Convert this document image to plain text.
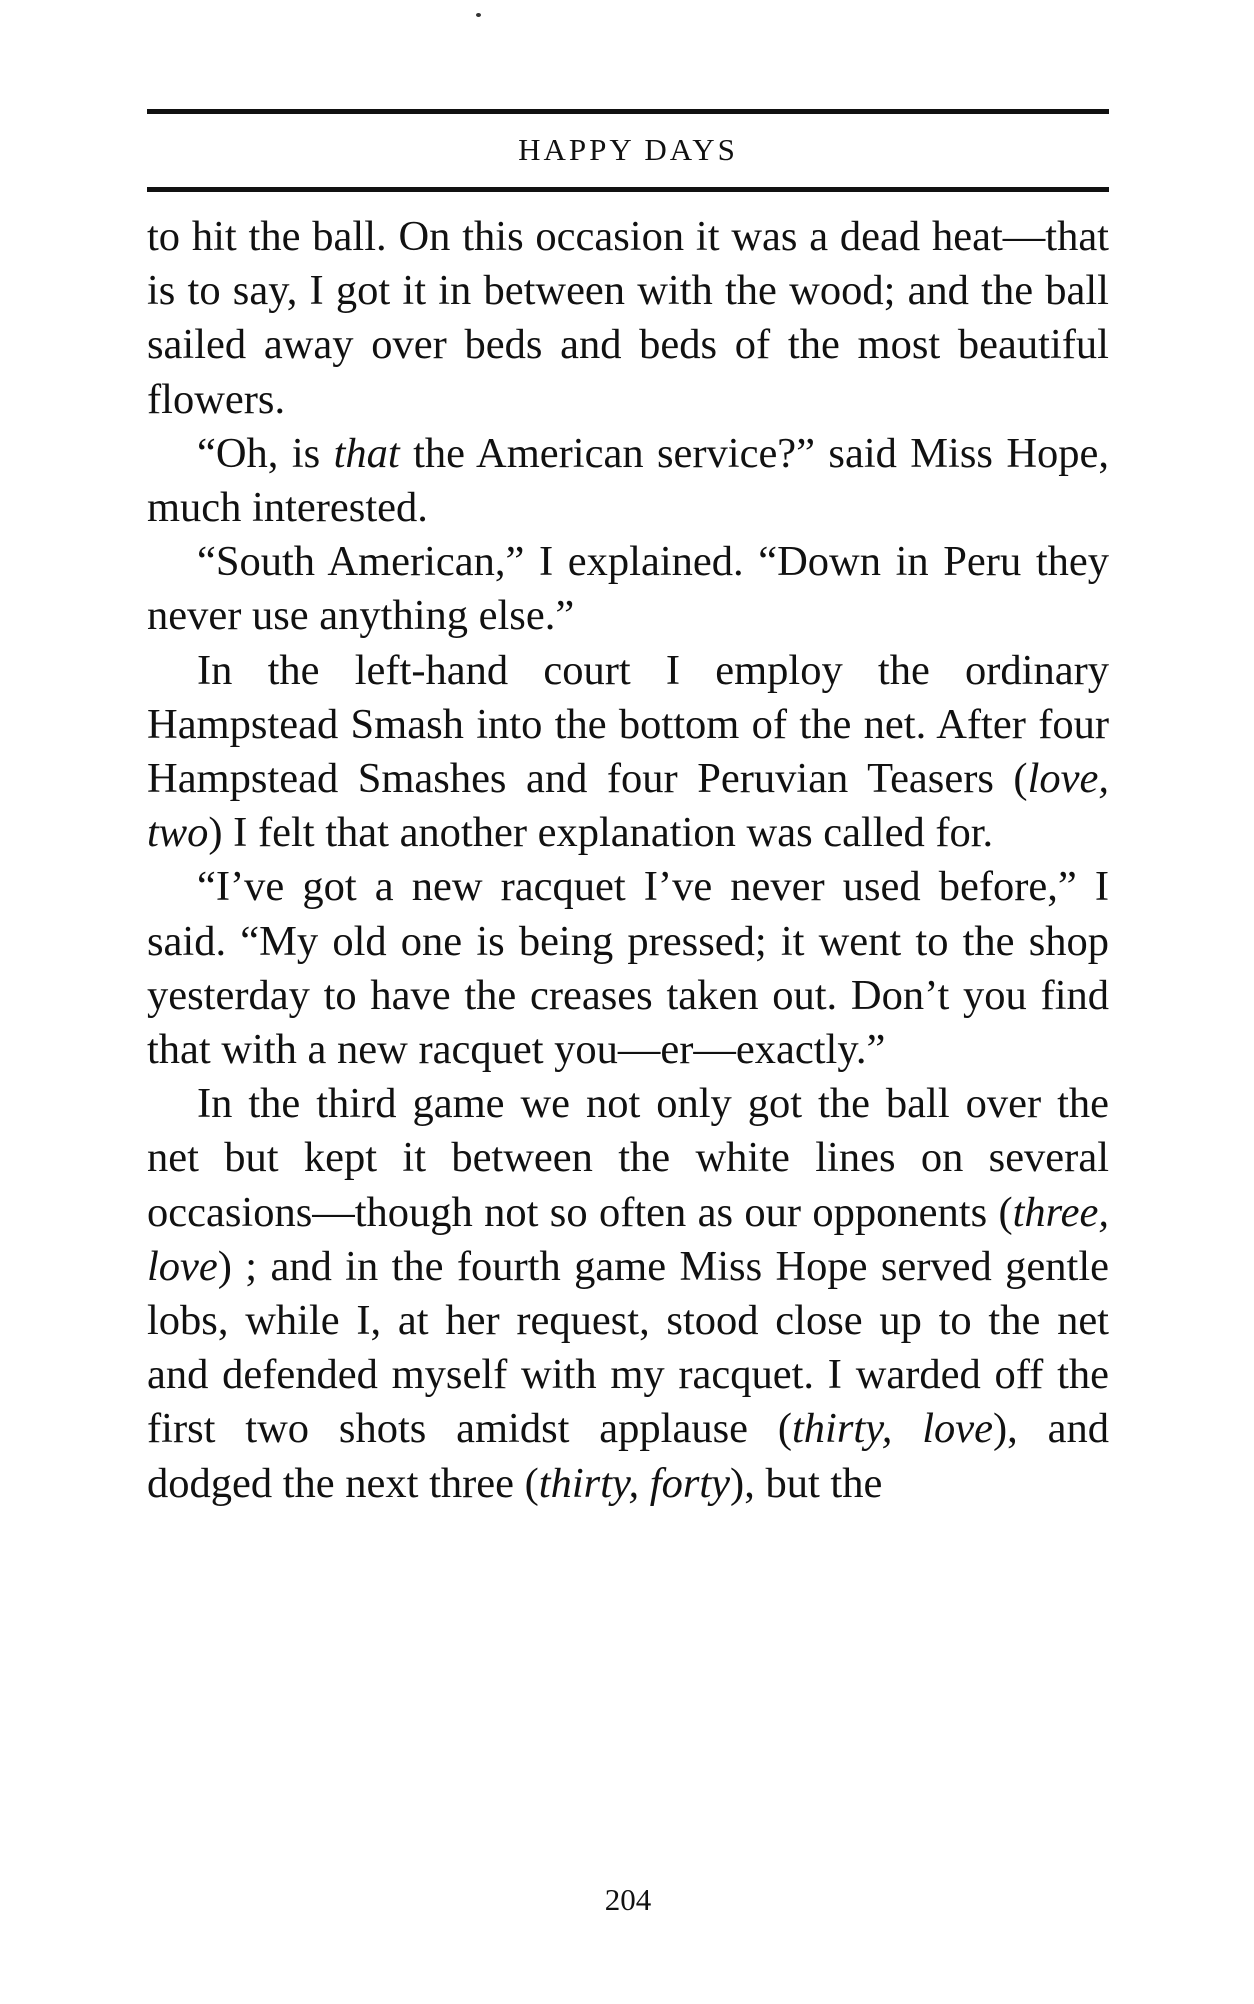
HAPPY DAYS

to hit the ball. On this occasion it was a dead heat—that is to say, I got it in between with the wood; and the ball sailed away over beds and beds of the most beautiful flowers.

“Oh, is that the American service?” said Miss Hope, much interested.

“South American,” I explained. “Down in Peru they never use anything else.”

In the left-hand court I employ the ordinary Hampstead Smash into the bottom of the net. After four Hampstead Smashes and four Peruvian Teasers (love, two) I felt that another explanation was called for.

“I’ve got a new racquet I’ve never used before,” I said. “My old one is being pressed; it went to the shop yesterday to have the creases taken out. Don’t you find that with a new racquet you—er—exactly.”

In the third game we not only got the ball over the net but kept it between the white lines on several occasions—though not so often as our opponents (three, love) ; and in the fourth game Miss Hope served gentle lobs, while I, at her request, stood close up to the net and defended myself with my racquet. I warded off the first two shots amidst applause (thirty, love), and dodged the next three (thirty, forty), but the

204
